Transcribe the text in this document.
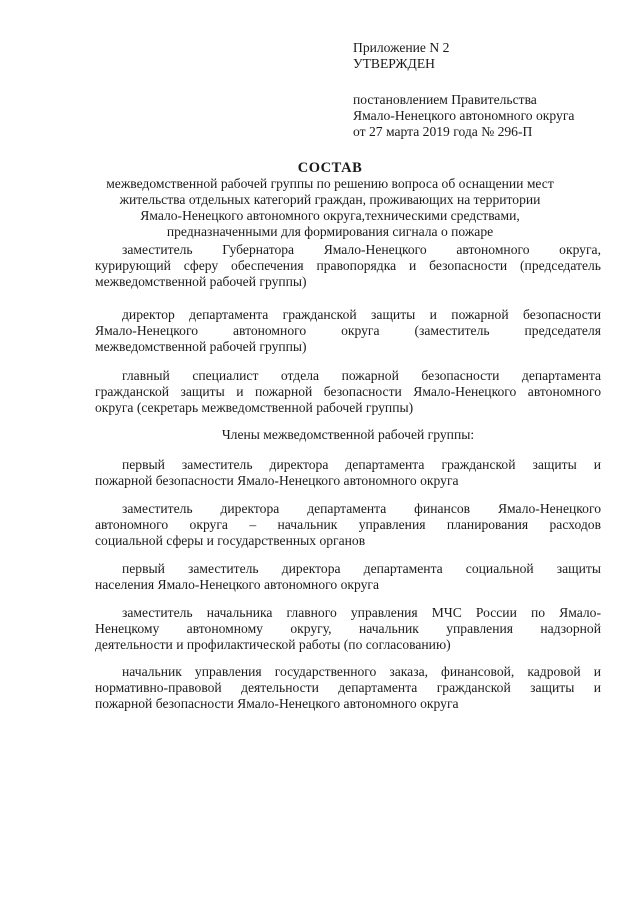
Приложение N 2
УТВЕРЖДЕН
постановлением Правительства
Ямало-Ненецкого автономного округа
от 27 марта 2019 года № 296-П
СОСТАВ
межведомственной рабочей группы по решению вопроса об оснащении мест
жительства отдельных категорий граждан, проживающих на территории
Ямало-Ненецкого автономного округа,техническими средствами,
предназначенными для формирования сигнала о пожаре
заместитель Губернатора Ямало-Ненецкого автономного округа,
курирующий сферу обеспечения правопорядка и безопасности (председатель
межведомственной рабочей группы)
директор департамента гражданской защиты и пожарной безопасности
Ямало-Ненецкого автономного округа (заместитель председателя
межведомственной рабочей группы)
главный специалист отдела пожарной безопасности департамента
гражданской защиты и пожарной безопасности Ямало-Ненецкого автономного
округа (секретарь межведомственной рабочей группы)
Члены межведомственной рабочей группы:
первый заместитель директора департамента гражданской защиты и
пожарной безопасности Ямало-Ненецкого автономного округа
заместитель директора департамента финансов Ямало-Ненецкого
автономного округа – начальник управления планирования расходов
социальной сферы и государственных органов
первый заместитель директора департамента социальной защиты
населения Ямало-Ненецкого автономного округа
заместитель начальника главного управления МЧС России по Ямало-
Ненецкому автономному округу, начальник управления надзорной
деятельности и профилактической работы (по согласованию)
начальник управления государственного заказа, финансовой, кадровой и
нормативно-правовой деятельности департамента гражданской защиты и
пожарной безопасности Ямало-Ненецкого автономного округа
